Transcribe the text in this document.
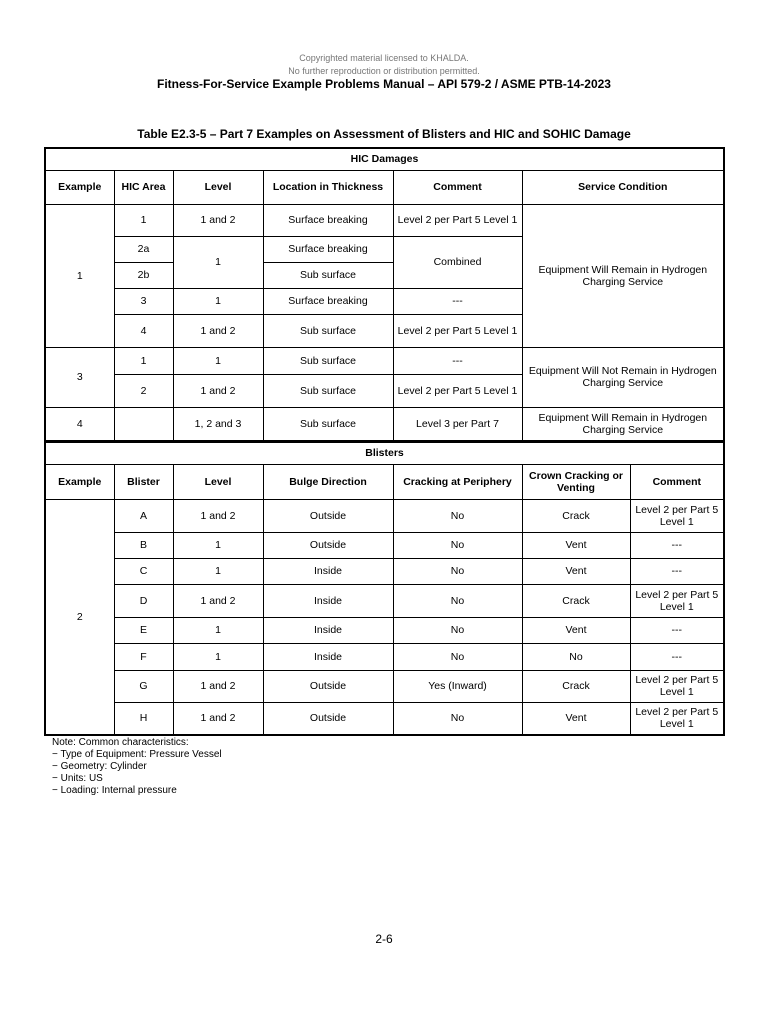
Copyrighted material licensed to KHALDA.
No further reproduction or distribution permitted.
Fitness-For-Service Example Problems Manual – API 579-2 / ASME PTB-14-2023
Table E2.3-5 – Part 7 Examples on Assessment of Blisters and HIC and SOHIC Damage
HIC Damages					
Example	HIC Area	Level	Location in Thickness	Comment	Service Condition
1	1	1 and 2	Surface breaking	Level 2 per Part 5 Level 1	Equipment Will Remain in Hydrogen Charging Service
	2a	1	Surface breaking	Combined	
	2b		Sub surface		
	3	1	Surface breaking	---	
	4	1 and 2	Sub surface	Level 2 per Part 5 Level 1	
3	1	1	Sub surface	---	Equipment Will Not Remain in Hydrogen Charging Service
	2	1 and 2	Sub surface	Level 2 per Part 5 Level 1	
4		1, 2 and 3	Sub surface	Level 3 per Part 7	Equipment Will Remain in Hydrogen Charging Service
Blisters						
Example	Blister	Level	Bulge Direction	Cracking at Periphery	Crown Cracking or Venting	Comment
2	A	1 and 2	Outside	No	Crack	Level 2 per Part 5 Level 1
	B	1	Outside	No	Vent	---
	C	1	Inside	No	Vent	---
	D	1 and 2	Inside	No	Crack	Level 2 per Part 5 Level 1
	E	1	Inside	No	Vent	---
	F	1	Inside	No	No	---
	G	1 and 2	Outside	Yes (Inward)	Crack	Level 2 per Part 5 Level 1
	H	1 and 2	Outside	No	Vent	Level 2 per Part 5 Level 1
Note: Common characteristics:
− Type of Equipment: Pressure Vessel
− Geometry: Cylinder
− Units: US
− Loading: Internal pressure
2-6
